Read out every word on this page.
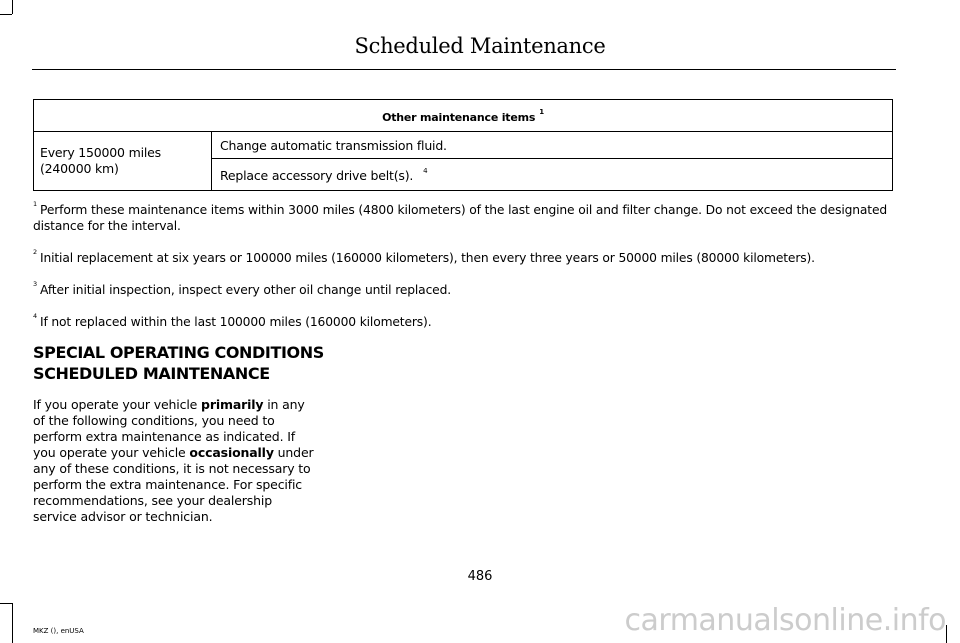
Scheduled Maintenance
Other maintenance items $^1$
Every 150000 miles (240000 km)	Change automatic transmission fluid.
Replace accessory drive belt(s). $^4$

$^1$ Perform these maintenance items within 3000 miles (4800 kilometers) of the last engine oil and filter change. Do not exceed the designated distance for the interval.

$^2$ Initial replacement at six years or 100000 miles (160000 kilometers), then every three years or 50000 miles (80000 kilometers).

$^3$ After initial inspection, inspect every other oil change until replaced.

$^4$ If not replaced within the last 100000 miles (160000 kilometers).

SPECIAL OPERATING CONDITIONS
SCHEDULED MAINTENANCE
If you operate your vehicle primarily in any of the following conditions, you need to perform extra maintenance as indicated. If you operate your vehicle occasionally under any of these conditions, it is not necessary to perform the extra maintenance. For specific recommendations, see your dealership service advisor or technician.
486
MKZ (), enUSA	carmanualsonline.info
